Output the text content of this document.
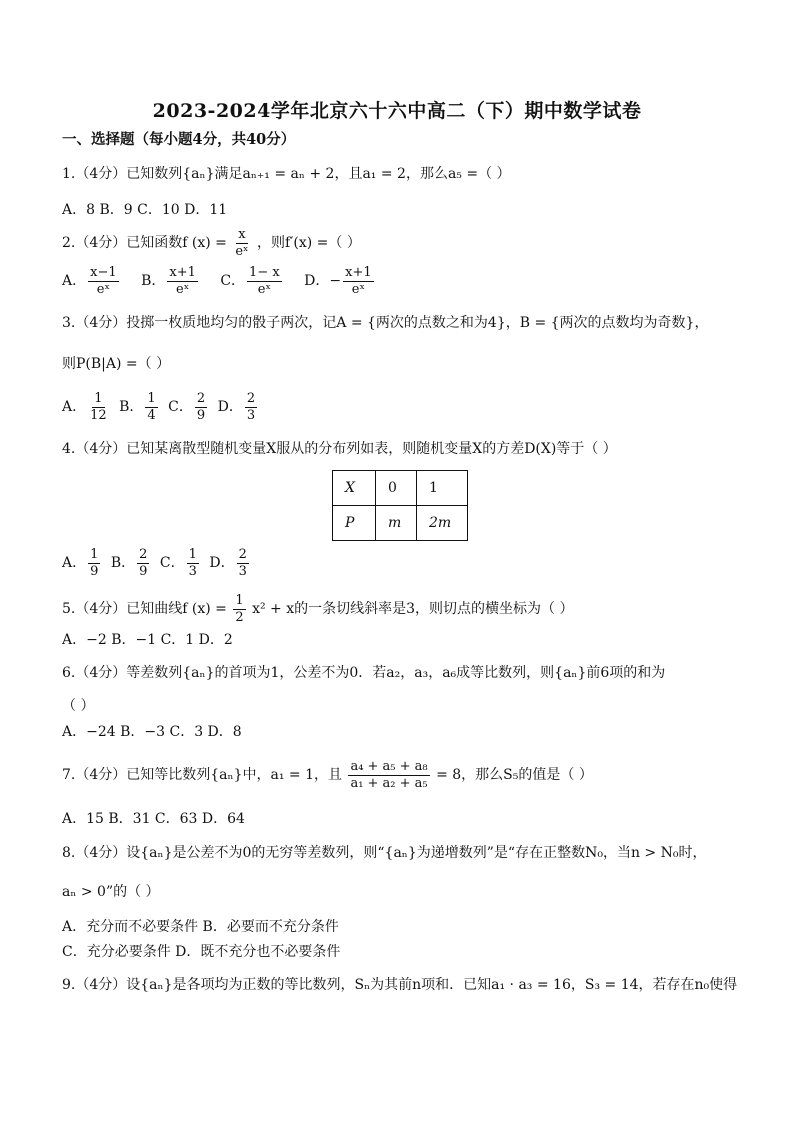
2023-2024学年北京六十六中高二（下）期中数学试卷
一、选择题（每小题4分，共40分）
1.（4分）已知数列{aₙ}满足aₙ₊₁ = aₙ + 2，且a₁ = 2，那么a₅ =（ ）
A．8 B．9 C．10 D．11
2.（4分）已知函数f $(x) = \frac{x}{\text{eˣ}}$ ，则f′(x) =（ ）
A． $\frac{x-1}{\text{eˣ}}$ B． $\frac{x+1}{\text{eˣ}}$ C． $\frac{1- x}{\text{eˣ}}$ D．− $\frac{x+1}{\text{eˣ}}$
3.（4分）投掷一枚质地均匀的骰子两次，记A = {两次的点数之和为4}，B = {两次的点数均为奇数}，
则P(B|A) =（ ）
A． $\frac{1}{12}$ B． $\frac{1}{4}$ C． $\frac{2}{9}$ D． $\frac{2}{3}$
4.（4分）已知某离散型随机变量X服从的分布列如表，则随机变量X的方差D(X)等于（ ）
X	0	1
P	m	2m
A． $\frac{1}{9}$ B． $\frac{2}{9}$ C． $\frac{1}{3}$ D． $\frac{2}{3}$
5.（4分）已知曲线f $(x) = \frac{1}{2} x^2 + x$的一条切线斜率是3，则切点的横坐标为（ ）
A．−2 B．−1 C．1 D．2
6.（4分）等差数列{aₙ}的首项为1，公差不为0．若a₂，a₃，a₆成等比数列，则{aₙ}前6项的和为
（ ）
A．−24 B．−3 C．3 D．8
7.（4分）已知等比数列{aₙ}中，a₁ = 1，且 $\frac{\text{a₄ + a₅ + a₈}}{\text{a₁ + a₂ + a₅}} = 8$，那么S₅的值是（ ）
A．15 B．31 C．63 D．64
8.（4分）设{aₙ}是公差不为0的无穷等差数列，则“{aₙ}为递增数列”是“存在正整数N₀，当n > N₀时，
aₙ > 0”的（ ）
A．充分而不必要条件 B．必要而不充分条件
C．充分必要条件 D．既不充分也不必要条件
9.（4分）设{aₙ}是各项均为正数的等比数列，Sₙ为其前n项和．已知a₁ · a₃ = 16，S₃ = 14，若存在n₀使得
